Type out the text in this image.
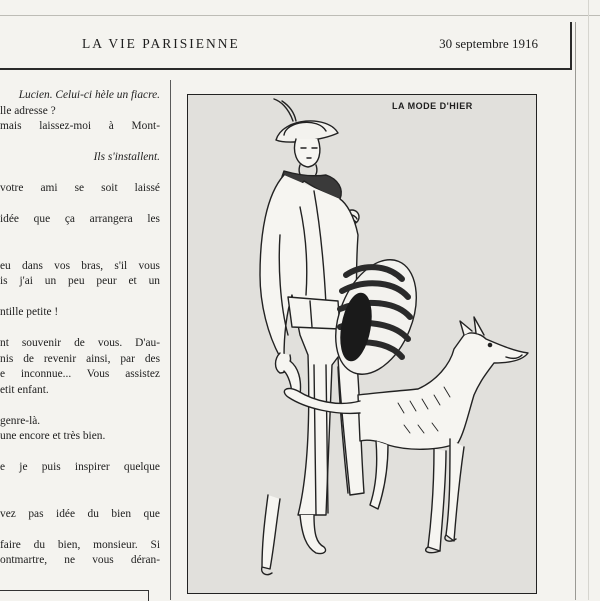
LA VIE PARISIENNE	30 septembre 1916
Lucien. Celui-ci hèle un fiacre.
lle adresse ?
mais laissez-moi à Mont-
Ils s'installent.
votre ami se soit laissé
idée que ça arrangera les
eu dans vos bras, s'il vous
is j'ai un peu peur et un
ntille petite !
nt souvenir de vous. D'au-
nis de revenir ainsi, par des
e inconnue... Vous assistez
etit enfant.
genre-là.
une encore et très bien.
e je puis inspirer quelque
vez pas idée du bien que
faire du bien, monsieur. Si
ontmartre, ne vous déran-
LA MODE D'HIER
